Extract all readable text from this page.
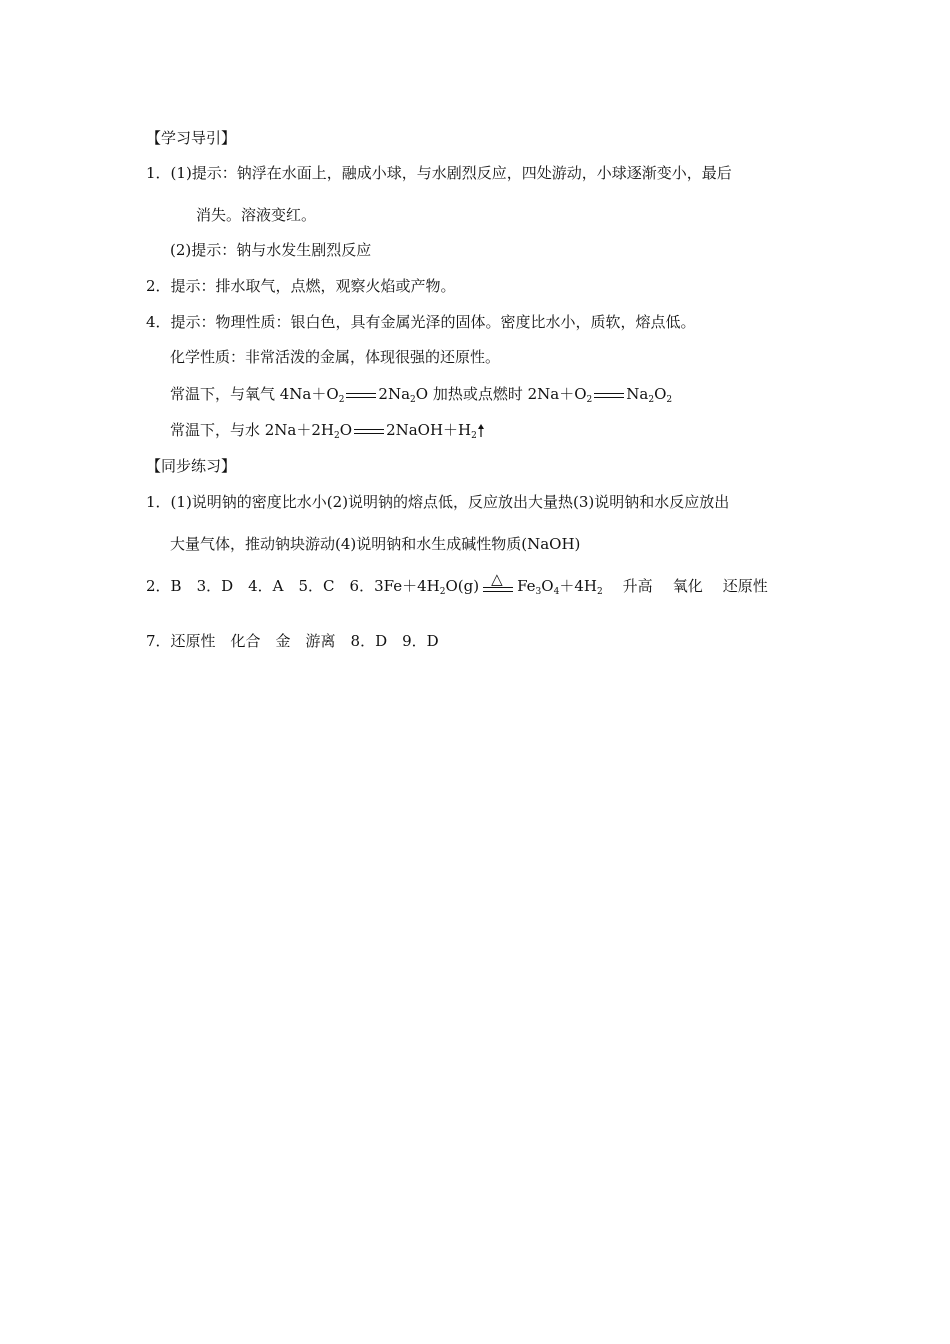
【学习导引】
1．(1)提示：钠浮在水面上，融成小球，与水剧烈反应，四处游动，小球逐渐变小，最后
消失。溶液变红。
(2)提示：钠与水发生剧烈反应
2．提示：排水取气，点燃，观察火焰或产物。
4．提示：物理性质：银白色，具有金属光泽的固体。密度比水小，质软，熔点低。
化学性质：非常活泼的金属，体现很强的还原性。
常温下，与氧气 $4Na+O_2$ $2Na_2O$ 加热或点燃时 $2Na+O_2$ $Na_2O_2$
常温下，与水 $2Na+2H_2O$ $2NaOH+H_2$
【同步练习】
1．(1)说明钠的密度比水小(2)说明钠的熔点低，反应放出大量热(3)说明钠和水反应放出
大量气体，推动钠块游动(4)说明钠和水生成碱性物质(NaOH)
2．B　3．D　4．A　5．C　6．$3Fe+4H_2O(g)$ △ $Fe_3O_4+4H_2$ 升高 氧化 还原性
7．还原性　化合　金　游离　8．D　9．D
